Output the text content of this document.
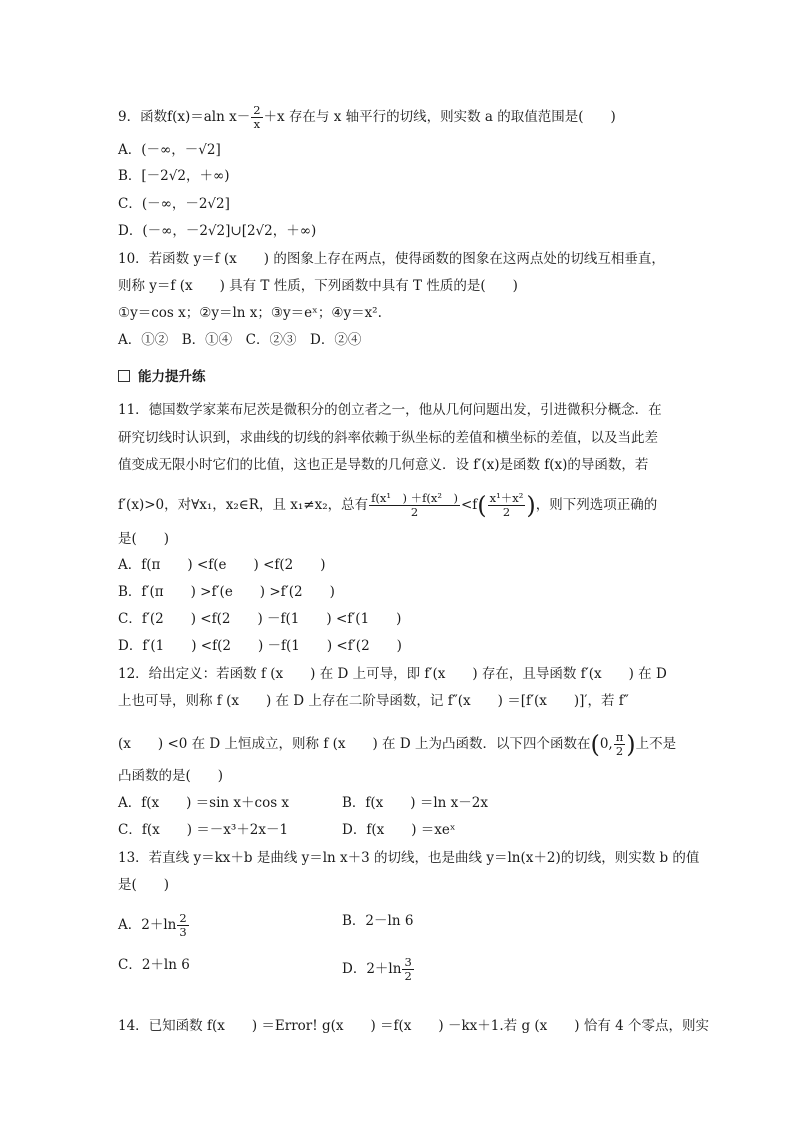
9．函数f(x)＝aln $x- \frac{2}{x} +x$ 存在与 x 轴平行的切线，则实数 a 的取值范围是(　　)
A．(－∞，－√2]
B．[－2√2，＋∞)
C．(－∞，－2√2]
D．(－∞，－2√2]∪[2√2，＋∞)
10．若函数 y＝f (x　　) 的图象上存在两点，使得函数的图象在这两点处的切线互相垂直，
则称 y＝f (x　　) 具有 T 性质，下列函数中具有 T 性质的是(　　)
①y＝cos x；②y＝ln x；③y＝eˣ；④y＝x².
A．①②　B．①④　C．②③　D．②④
能力提升练
11．德国数学家莱布尼茨是微积分的创立者之一，他从几何问题出发，引进微积分概念．在
研究切线时认识到，求曲线的切线的斜率依赖于纵坐标的差值和横坐标的差值，以及当此差
值变成无限小时它们的比值，这也正是导数的几何意义．设 f′(x)是函数 f(x)的导函数，若
f′(x)>0，对∀x₁，x₂∈R，且 x₁≠x₂，总有 $\frac{\text{f(x¹　) ＋f(x²　)}}{2} <f( \frac{\text{x¹＋x²}}{2}$ )，则下列选项正确的
是(　　)
A．f(π　　) <f(e　　) <f(2　　)
B．f′(π　　) >f′(e　　) >f′(2　　)
C．f′(2　　) <f(2　　) －f(1　　) <f′(1　　)
D．f′(1　　) <f(2　　) －f(1　　) <f′(2　　)
12．给出定义：若函数 f (x　　) 在 D 上可导，即 f′(x　　) 存在，且导函数 f′(x　　) 在 D
上也可导，则称 f (x　　) 在 D 上存在二阶导函数，记 f″(x　　) ＝[f′(x　　)]′，若 f″
(x　　) <0 在 D 上恒成立，则称 f (x　　) 在 D 上为凸函数．以下四个函数在(0, $\frac{\pi}{2}$ )上不是
凸函数的是(　　)
A．f(x　　) ＝sin x＋cos x	B．f(x　　) ＝ln x－2x
C．f(x　　) ＝－x³＋2x－1	D．f(x　　) ＝xeˣ
13．若直线 y＝kx＋b 是曲线 y＝ln x＋3 的切线，也是曲线 y＝ln(x＋2)的切线，则实数 b 的值
是(　　)
A．$2+\ln \frac{2}{3}$	B．2－ln 6
C．2＋ln 6	D．$2+\ln \frac{3}{2}$
14．已知函数 f(x　　) ＝Error! g(x　　) ＝f(x　　) －kx＋1.若 g (x　　) 恰有 4 个零点，则实
